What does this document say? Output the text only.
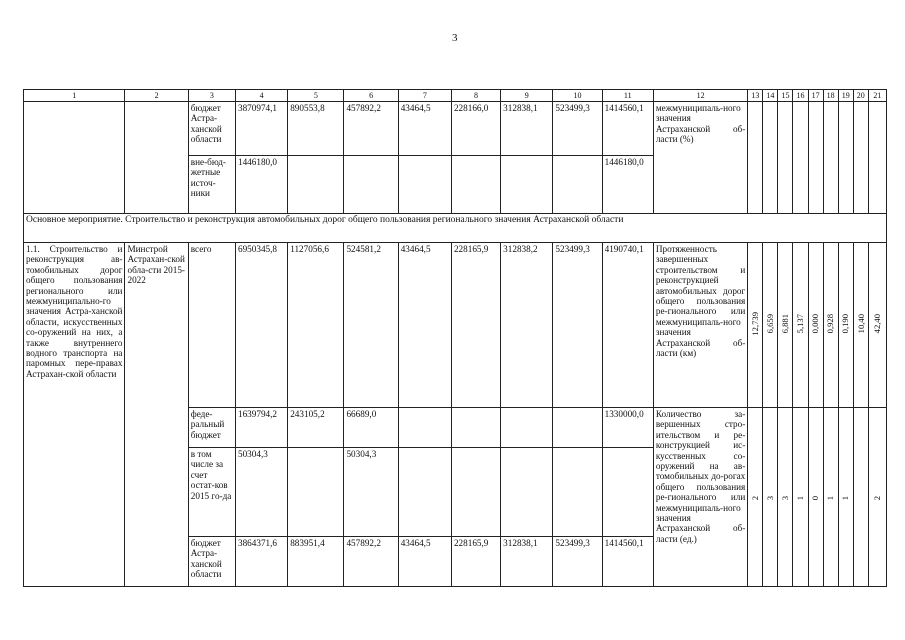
3
1	2	3	4	5	6	7	8	9	10	11	12	13	14	15	16	17	18	19	20	21
		бюджет Астра-ханской области	3870974,1	890553,8	457892,2	43464,5	228166,0	312838,1	523499,3	1414560,1	межмуниципаль-ного значения Астраханской об-ласти (%)									
		вне-бюд-жетные источ-ники	1446180,0							1446180,0										
Основное мероприятие. Строительство и реконструкция автомобильных дорог общего пользования регионального значения Астраханской области																				
1.1. Строительство и реконструкция ав-томобильных дорог общего пользования регионального или межмуниципально-го значения Астра-ханской области, искусственных со-оружений на них, а также внутреннего водного транспорта на паромных пере-правах Астрахан-ской области	Минстрой Астрахан-ской обла-сти 2015-2022	всего	6950345,8	1127056,6	524581,2	43464,5	228165,9	312838,2	523499,3	4190740,1	Протяженность завершенных строительством и реконструкцией автомобильных дорог общего пользования ре-гионального или межмуниципаль-ного значения Астраханской об-ласти (км)	12,739	6,659	6,881	5,137	0,000	0,928	0,190	10,40	42,40
		феде-ральный бюджет	1639794,2	243105,2	66689,0					1330000,0	Количество за-вершенных стро-ительством и ре-конструкцией ис-кусственных со-оружений на ав-томобильных до-рогах общего пользования ре-гионального или межмуниципаль-ного значения Астраханской об-ласти (ед.)	2	3	3	1	0	1	1		2
		в том числе за счет остат-ков 2015 го-да	50304,3		50304,3															
		бюджет Астра-ханской области	3864371,6	883951,4	457892,2	43464,5	228165,9	312838,1	523499,3	1414560,1										
